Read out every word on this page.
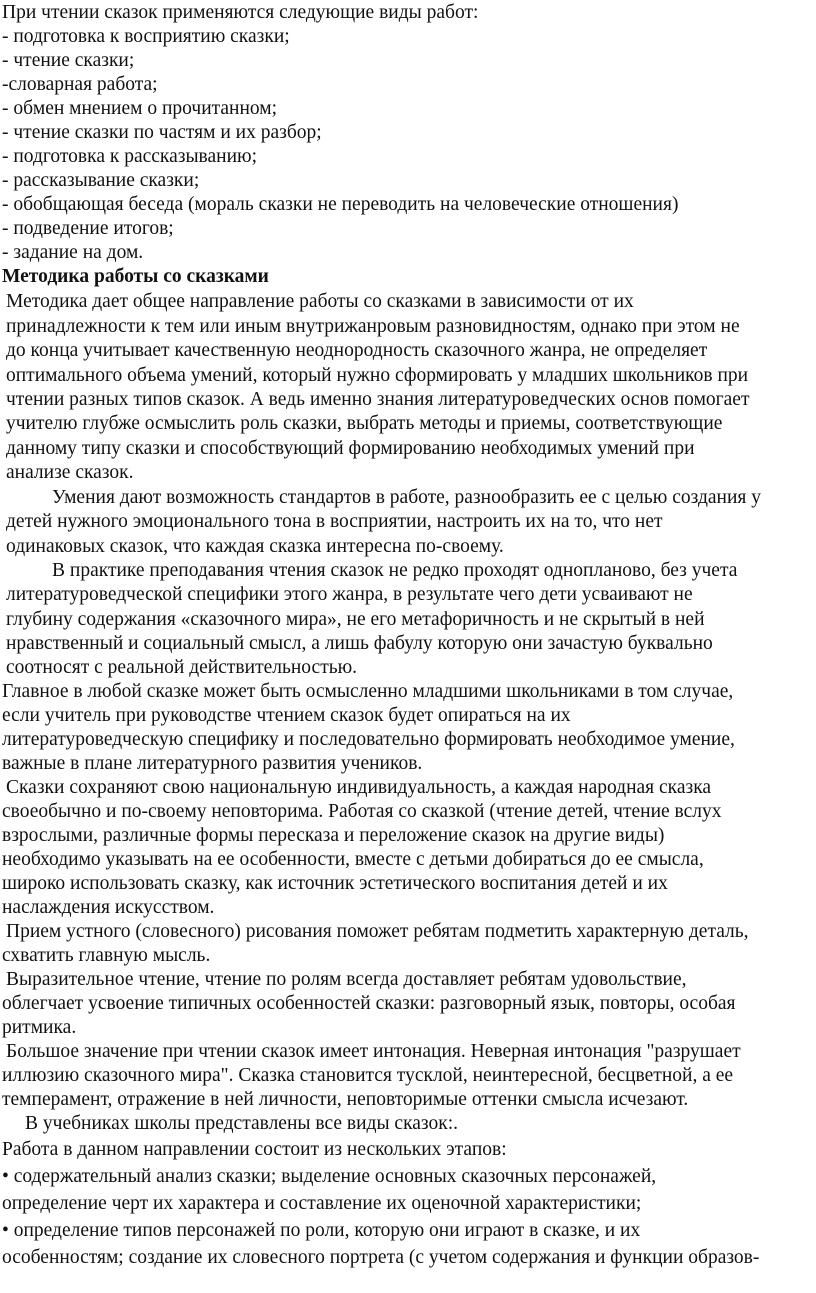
При чтении сказок применяются следующие виды работ:
- подготовка к восприятию сказки;
- чтение сказки;
-словарная работа;
- обмен мнением о прочитанном;
- чтение сказки по частям и их разбор;
- подготовка к рассказыванию;
- рассказывание сказки;
- обобщающая беседа (мораль сказки не переводить на человеческие отношения)
- подведение итогов;
- задание на дом.
Методика работы со сказками
Методика дает общее направление работы со сказками в зависимости от их
принадлежности к тем или иным внутрижанровым разновидностям, однако при этом не
до конца учитывает качественную неоднородность сказочного жанра, не определяет
оптимального объема умений, который нужно сформировать у младших школьников при
чтении разных типов сказок. А ведь именно знания литературоведческих основ помогает
учителю глубже осмыслить роль сказки, выбрать методы и приемы, соответствующие
данному типу сказки и способствующий формированию необходимых умений при
анализе сказок.
Умения дают возможность стандартов в работе, разнообразить ее с целью создания у
детей нужного эмоционального тона в восприятии, настроить их на то, что нет
одинаковых сказок, что каждая сказка интересна по-своему.
В практике преподавания чтения сказок не редко проходят однопланово, без учета
литературоведческой специфики этого жанра, в результате чего дети усваивают не
глубину содержания «сказочного мира», не его метафоричность и не скрытый в ней
нравственный и социальный смысл, а лишь фабулу которую они зачастую буквально
соотносят с реальной действительностью.
Главное в любой сказке может быть осмысленно младшими школьниками в том случае,
если учитель при руководстве чтением сказок будет опираться на их
литературоведческую специфику и последовательно формировать необходимое умение,
важные в плане литературного развития учеников.
Сказки сохраняют свою национальную индивидуальность, а каждая народная сказка
своеобычно и по-своему неповторима. Работая со сказкой (чтение детей, чтение вслух
взрослыми, различные формы пересказа и переложение сказок на другие виды)
необходимо указывать на ее особенности, вместе с детьми добираться до ее смысла,
широко использовать сказку, как источник эстетического воспитания детей и их
наслаждения искусством.
Прием устного (словесного) рисования поможет ребятам подметить характерную деталь,
схватить главную мысль.
Выразительное чтение, чтение по ролям всегда доставляет ребятам удовольствие,
облегчает усвоение типичных особенностей сказки: разговорный язык, повторы, особая
ритмика.
Большое значение при чтении сказок имеет интонация. Неверная интонация "разрушает
иллюзию сказочного мира". Сказка становится тусклой, неинтересной, бесцветной, а ее
темперамент, отражение в ней личности, неповторимые оттенки смысла исчезают.
В учебниках школы представлены все виды сказок:.
Работа в данном направлении состоит из нескольких этапов:
• содержательный анализ сказки; выделение основных сказочных персонажей,
определение черт их характера и составление их оценочной характеристики;
• определение типов персонажей по роли, которую они играют в сказке, и их
особенностям; создание их словесного портрета (с учетом содержания и функции образов-
